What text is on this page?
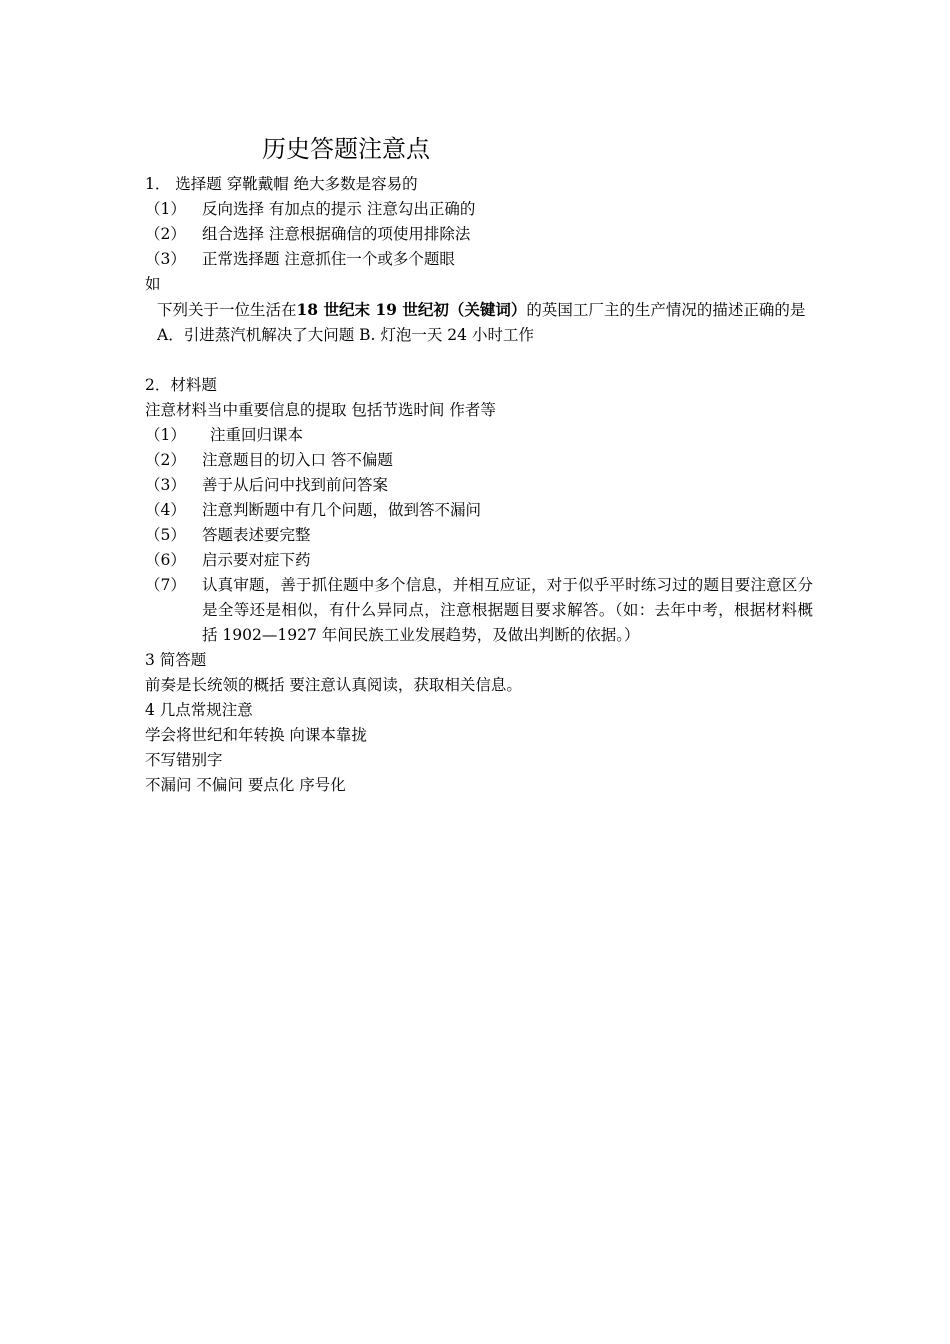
历史答题注意点
1． 选择题 穿靴戴帽 绝大多数是容易的
（1）	反向选择 有加点的提示 注意勾出正确的
（2）	组合选择 注意根据确信的项使用排除法
（3）	正常选择题 注意抓住一个或多个题眼
如
下列关于一位生活在18 世纪末 19 世纪初（关键词）的英国工厂主的生产情况的描述正确的是
A．引进蒸汽机解决了大问题 B. 灯泡一天 24 小时工作
2．材料题
注意材料当中重要信息的提取 包括节选时间 作者等
（1）	注重回归课本
（2）	注意题目的切入口 答不偏题
（3）	善于从后问中找到前问答案
（4）	注意判断题中有几个问题，做到答不漏问
（5）	答题表述要完整
（6）	启示要对症下药
（7）	认真审题，善于抓住题中多个信息，并相互应证，对于似乎平时练习过的题目要注意区分是全等还是相似，有什么异同点，注意根据题目要求解答。（如：去年中考，根据材料概括 1902—1927 年间民族工业发展趋势，及做出判断的依据。）
3 简答题
前奏是长统领的概括 要注意认真阅读，获取相关信息。
4 几点常规注意
学会将世纪和年转换 向课本靠拢
不写错别字
不漏问 不偏问 要点化 序号化
